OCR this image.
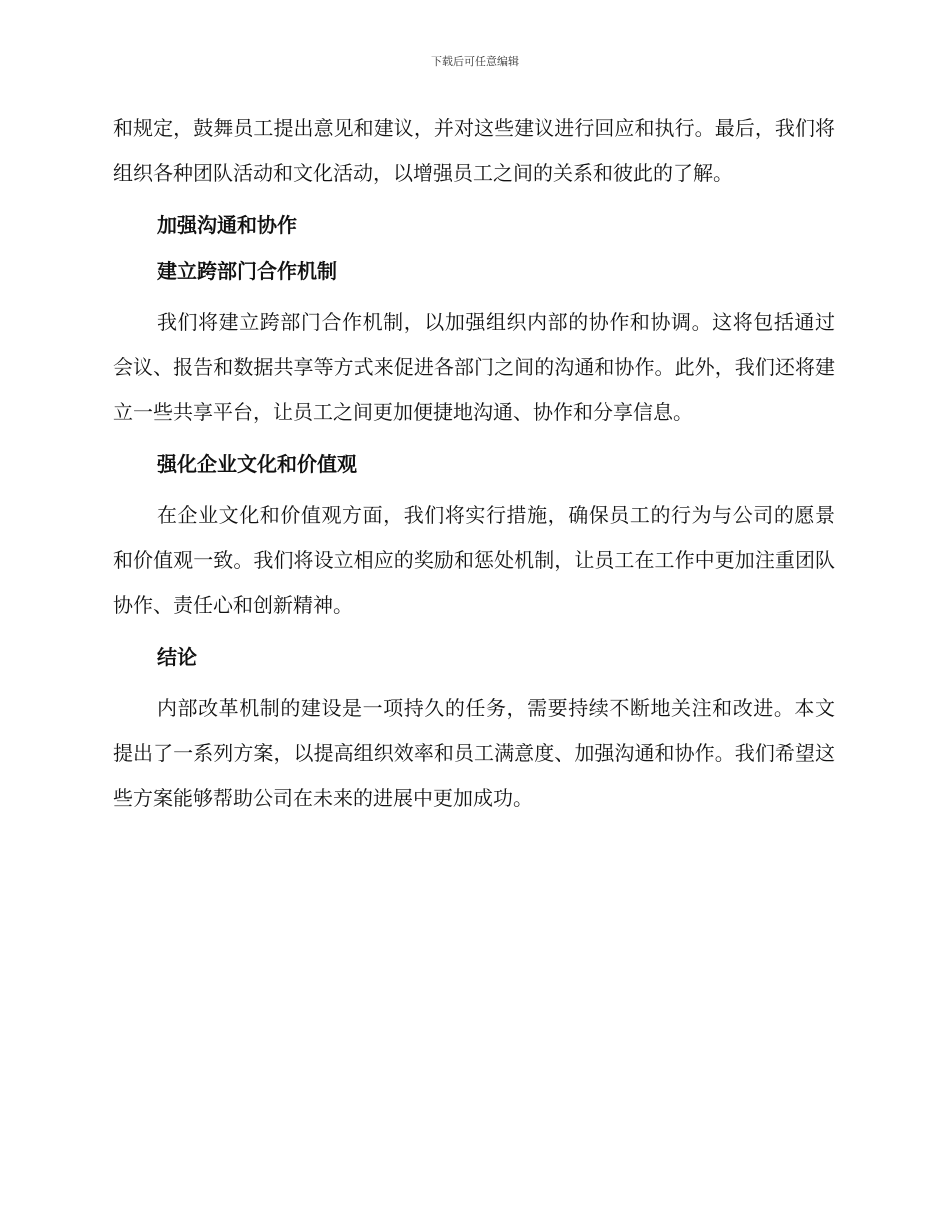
下载后可任意编辑

和规定，鼓舞员工提出意见和建议，并对这些建议进行回应和执行。最后，我们将组织各种团队活动和文化活动，以增强员工之间的关系和彼此的了解。

加强沟通和协作
建立跨部门合作机制

我们将建立跨部门合作机制，以加强组织内部的协作和协调。这将包括通过会议、报告和数据共享等方式来促进各部门之间的沟通和协作。此外，我们还将建立一些共享平台，让员工之间更加便捷地沟通、协作和分享信息。

强化企业文化和价值观

在企业文化和价值观方面，我们将实行措施，确保员工的行为与公司的愿景和价值观一致。我们将设立相应的奖励和惩处机制，让员工在工作中更加注重团队协作、责任心和创新精神。

结论

内部改革机制的建设是一项持久的任务，需要持续不断地关注和改进。本文提出了一系列方案，以提高组织效率和员工满意度、加强沟通和协作。我们希望这些方案能够帮助公司在未来的进展中更加成功。
